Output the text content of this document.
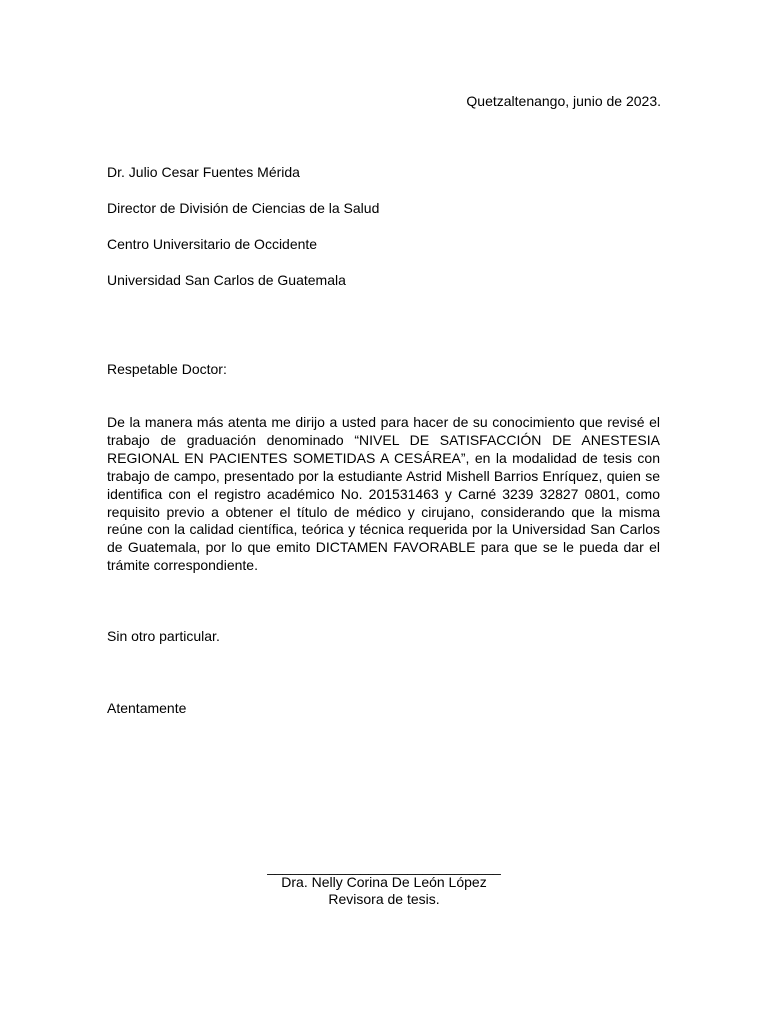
Quetzaltenango, junio de 2023.
Dr. Julio Cesar Fuentes Mérida
Director de División de Ciencias de la Salud
Centro Universitario de Occidente
Universidad San Carlos de Guatemala
Respetable Doctor:
De la manera más atenta me dirijo a usted para hacer de su conocimiento que revisé el trabajo de graduación denominado “NIVEL DE SATISFACCIÓN DE ANESTESIA REGIONAL EN PACIENTES SOMETIDAS A CESÁREA”, en la modalidad de tesis con trabajo de campo, presentado por la estudiante Astrid Mishell Barrios Enríquez, quien se identifica con el registro académico No. 201531463 y Carné 3239 32827 0801, como requisito previo a obtener el título de médico y cirujano, considerando que la misma reúne con la calidad científica, teórica y técnica requerida por la Universidad San Carlos de Guatemala, por lo que emito DICTAMEN FAVORABLE para que se le pueda dar el trámite correspondiente.
Sin otro particular.
Atentamente
______________________________
Dra. Nelly Corina De León López
Revisora de tesis.
